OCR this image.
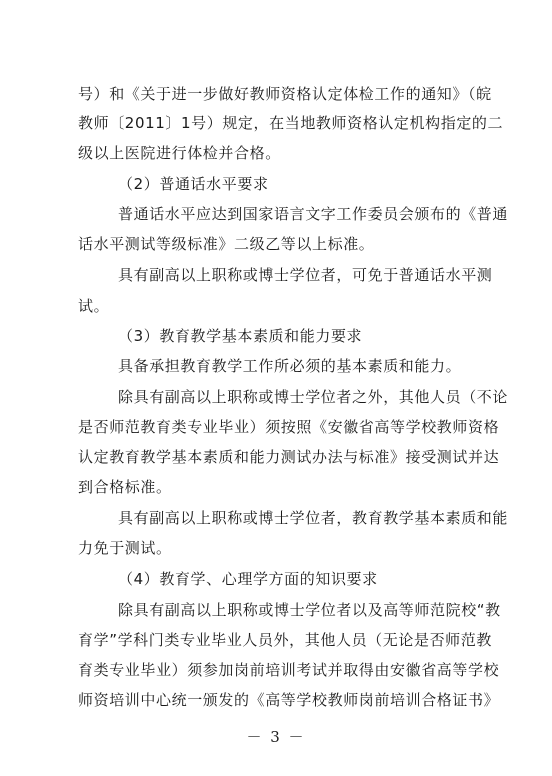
号）和《关于进一步做好教师资格认定体检工作的通知》（皖
教师〔2011〕1号）规定，在当地教师资格认定机构指定的二
级以上医院进行体检并合格。
（2）普通话水平要求
普通话水平应达到国家语言文字工作委员会颁布的《普通
话水平测试等级标准》二级乙等以上标准。
具有副高以上职称或博士学位者，可免于普通话水平测
试。
（3）教育教学基本素质和能力要求
具备承担教育教学工作所必须的基本素质和能力。
除具有副高以上职称或博士学位者之外，其他人员（不论
是否师范教育类专业毕业）须按照《安徽省高等学校教师资格
认定教育教学基本素质和能力测试办法与标准》接受测试并达
到合格标准。
具有副高以上职称或博士学位者，教育教学基本素质和能
力免于测试。
（4）教育学、心理学方面的知识要求
除具有副高以上职称或博士学位者以及高等师范院校“教
育学”学科门类专业毕业人员外，其他人员（无论是否师范教
育类专业毕业）须参加岗前培训考试并取得由安徽省高等学校
师资培训中心统一颁发的《高等学校教师岗前培训合格证书》
－ 3 －
